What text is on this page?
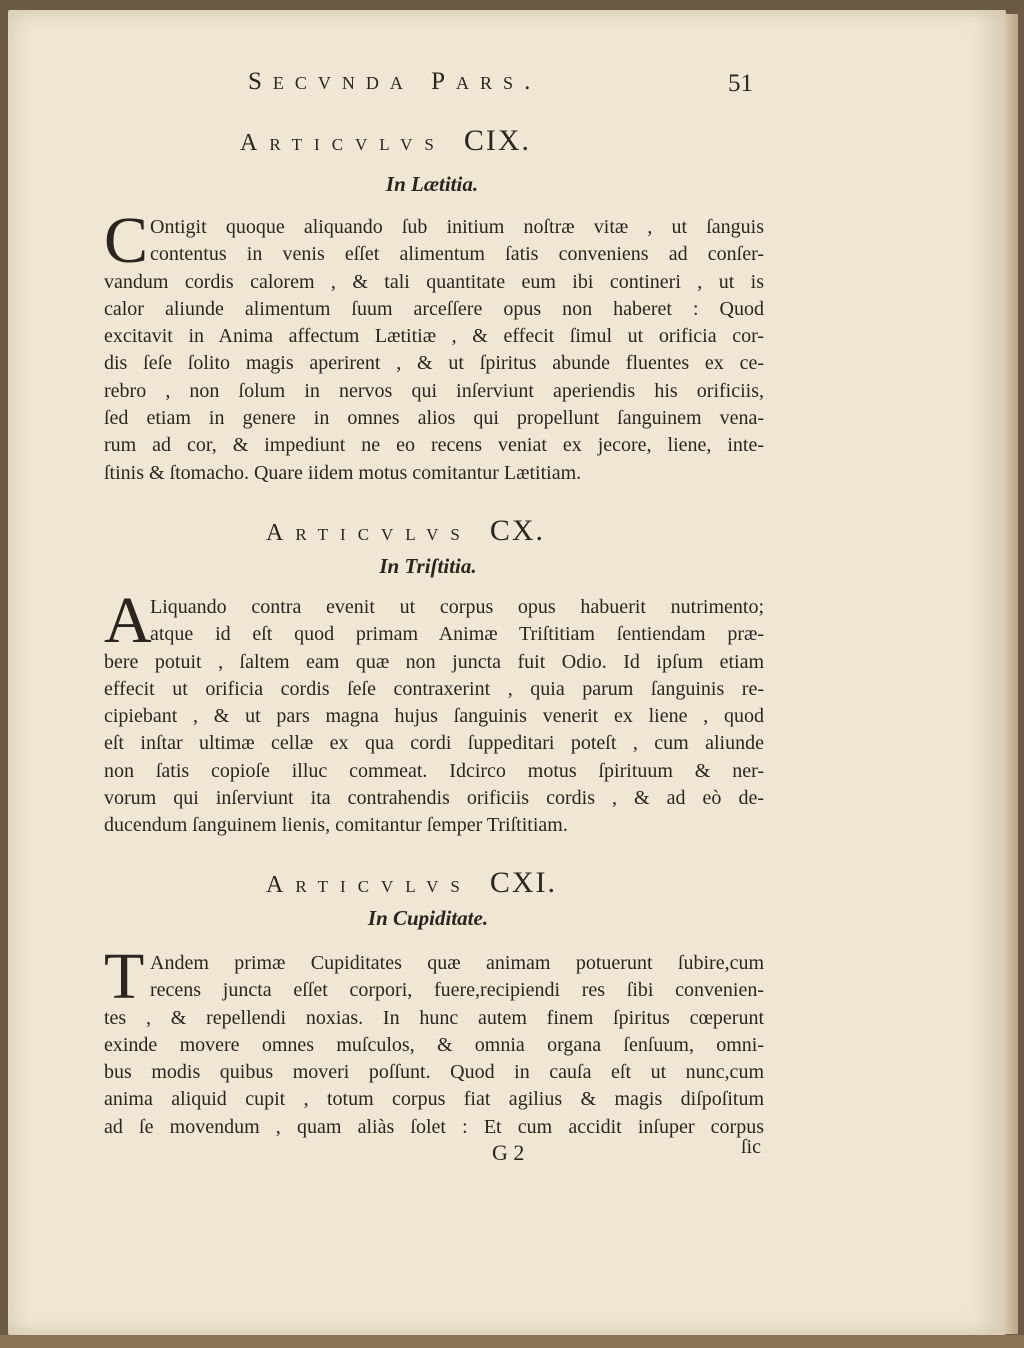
Secvnda Pars.	51
Articvlvs CIX.
In Lætitia.
C Ontigit quoque aliquando ſub initium noſtræ vitæ , ut ſanguis
contentus in venis eſſet alimentum ſatis conveniens ad conſer-
vandum cordis calorem , & tali quantitate eum ibi contineri , ut is
calor aliunde alimentum ſuum arceſſere opus non haberet : Quod
excitavit in Anima affectum Lætitiæ , & effecit ſimul ut orificia cor-
dis ſeſe ſolito magis aperirent , & ut ſpiritus abunde fluentes ex ce-
rebro , non ſolum in nervos qui inſerviunt aperiendis his orificiis,
ſed etiam in genere in omnes alios qui propellunt ſanguinem vena-
rum ad cor, & impediunt ne eo recens veniat ex jecore, liene, inte-
ſtinis & ſtomacho. Quare iidem motus comitantur Lætitiam.
Articvlvs CX.
In Triſtitia.
A
Liquando contra evenit ut corpus opus habuerit nutrimento;
atque id eſt quod primam Animæ Triſtitiam ſentiendam præ-
bere potuit , ſaltem eam quæ non juncta fuit Odio. Id ipſum etiam
effecit ut orificia cordis ſeſe contraxerint , quia parum ſanguinis re-
cipiebant , & ut pars magna hujus ſanguinis venerit ex liene , quod
eſt inſtar ultimæ cellæ ex qua cordi ſuppeditari poteſt , cum aliunde
non ſatis copioſe illuc commeat. Idcirco motus ſpirituum & ner-
vorum qui inſerviunt ita contrahendis orificiis cordis , & ad eò de-
ducendum ſanguinem lienis, comitantur ſemper Triſtitiam.
Articvlvs CXI.
In Cupiditate.
T Andem primæ Cupiditates quæ animam potuerunt ſubire,cum
recens juncta eſſet corpori, fuere,recipiendi res ſibi convenien-
tes , & repellendi noxias. In hunc autem finem ſpiritus cœperunt
exinde movere omnes muſculos, & omnia organa ſenſuum, omni-
bus modis quibus moveri poſſunt. Quod in cauſa eſt ut nunc,cum
anima aliquid cupit , totum corpus fiat agilius & magis diſpoſitum
ad ſe movendum , quam aliàs ſolet : Et cum accidit inſuper corpus
G 2	ſic
